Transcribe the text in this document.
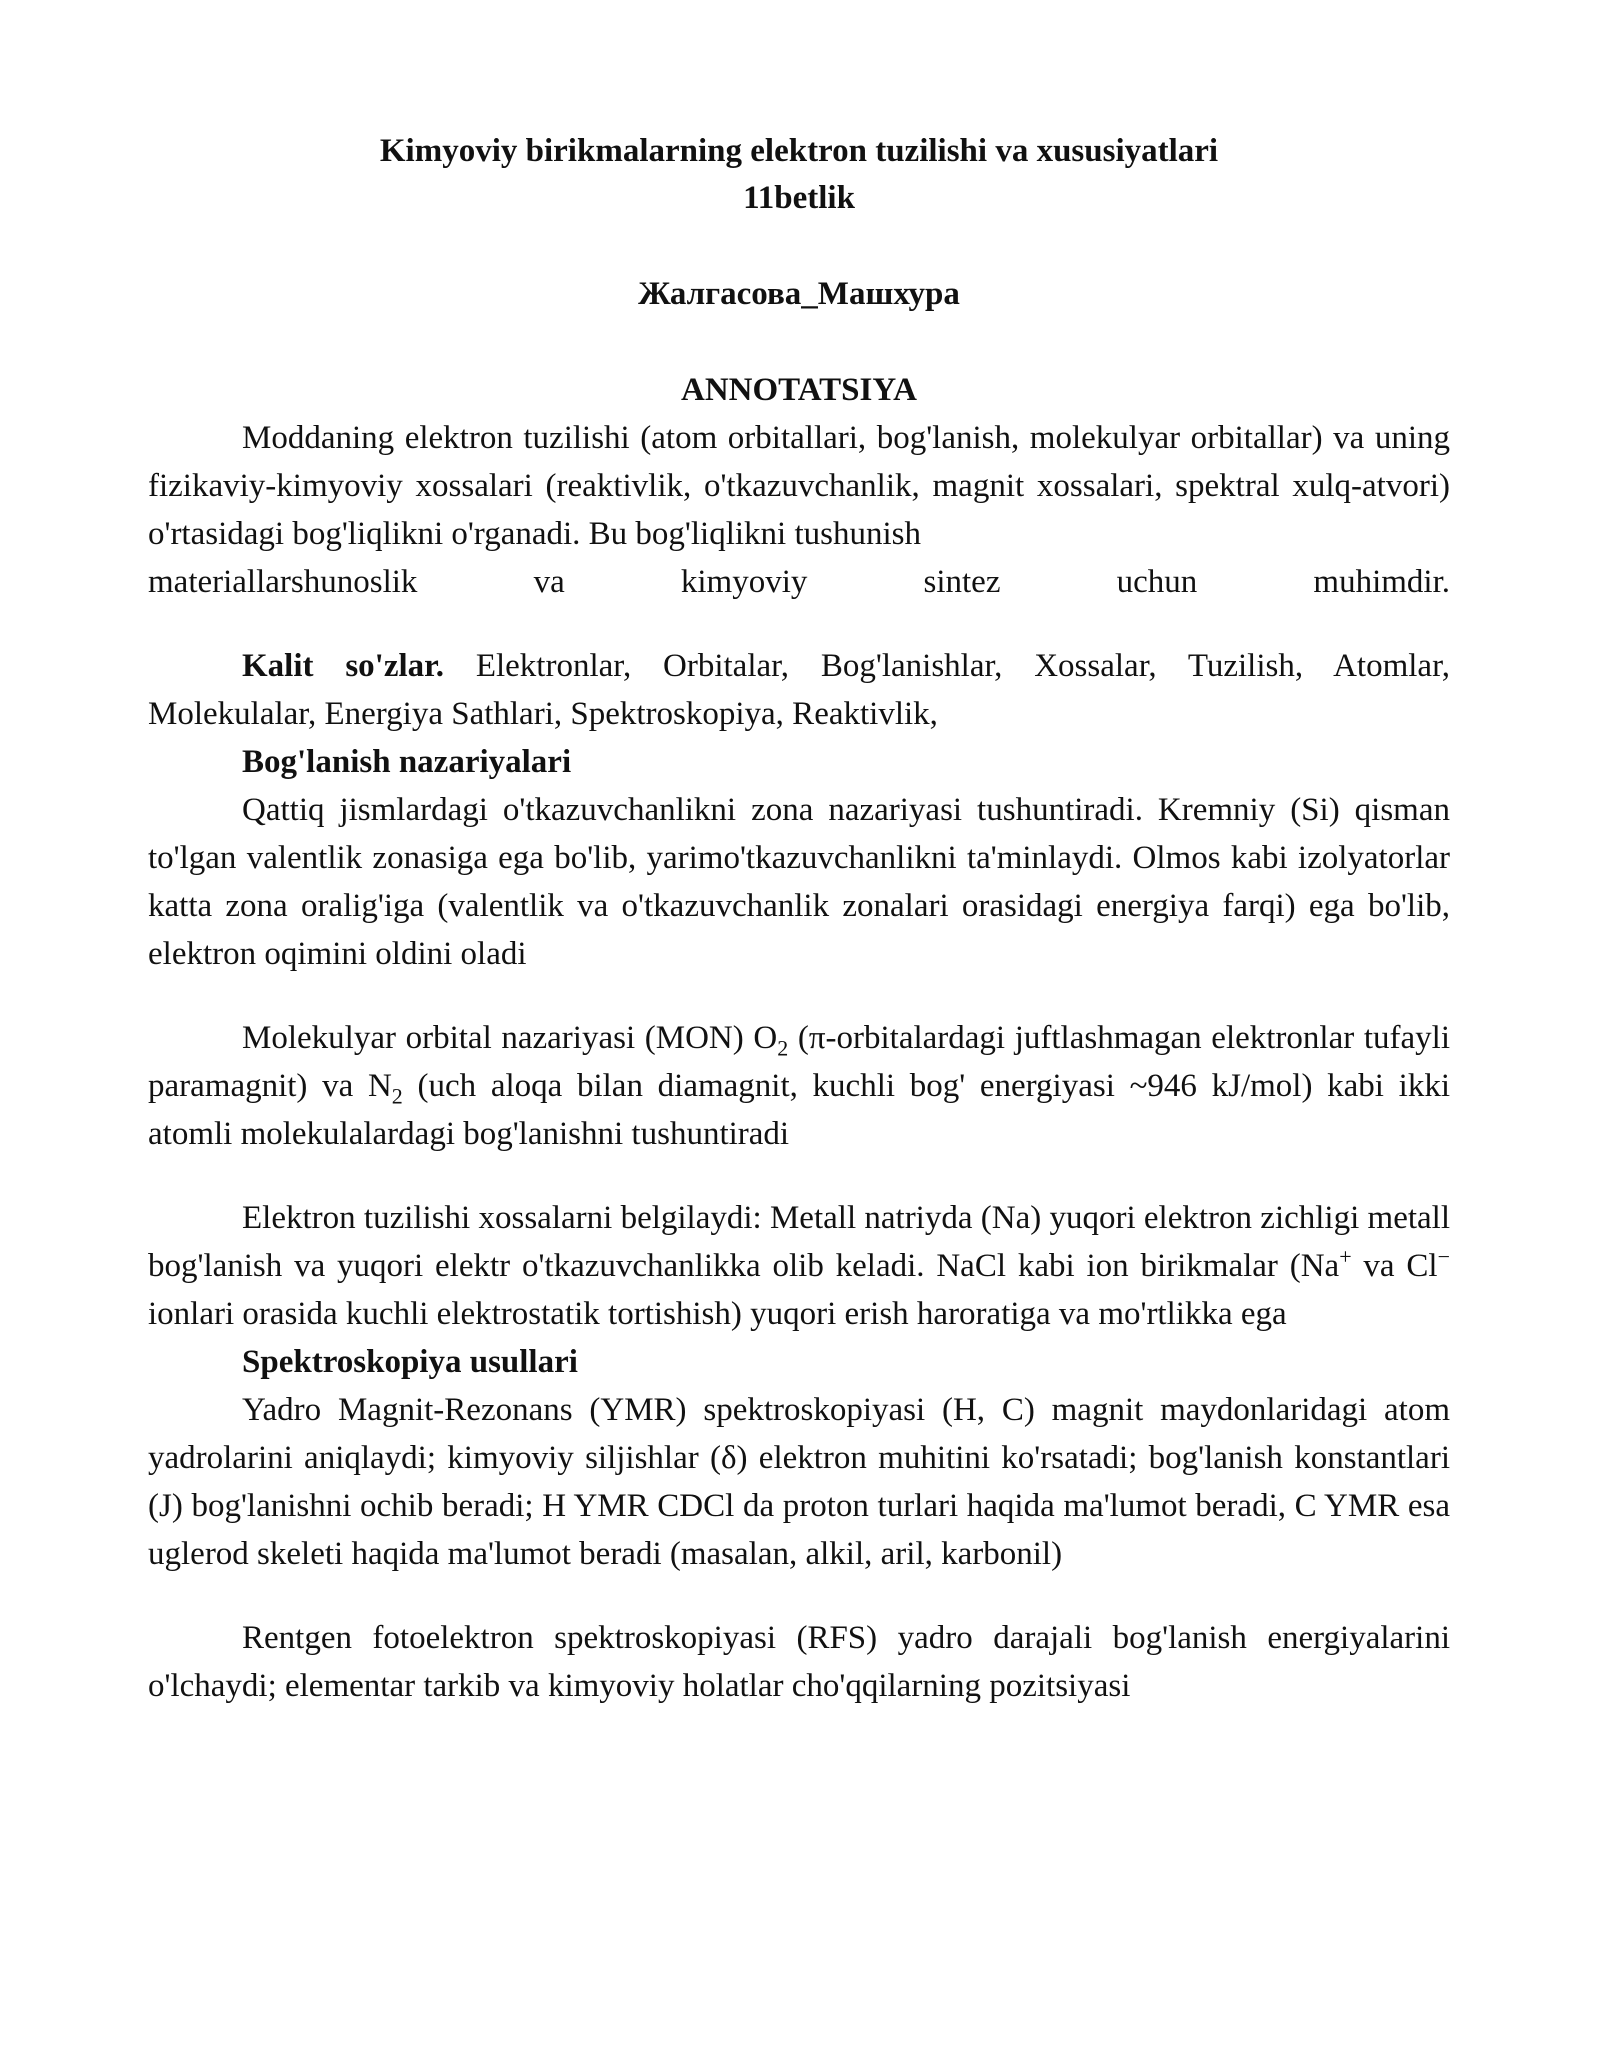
Kimyoviy birikmalarning elektron tuzilishi va xususiyatlari
11betlik
Жалгасова_Машхура
ANNOTATSIYA

Moddaning elektron tuzilishi (atom orbitallari, bog'lanish, molekulyar orbitallar) va uning fizikaviy-kimyoviy xossalari (reaktivlik, o'tkazuvchanlik, magnit xossalari, spektral xulq-atvori) o'rtasidagi bog'liqlikni o'rganadi. Bu bog'liqlikni tushunish

materiallarshunoslik va kimyoviy sintez uchun muhimdir.

Kalit so'zlar. Elektronlar, Orbitalar, Bog'lanishlar, Xossalar, Tuzilish, Atomlar, Molekulalar, Energiya Sathlari, Spektroskopiya, Reaktivlik,

Bog'lanish nazariyalari

Qattiq jismlardagi o'tkazuvchanlikni zona nazariyasi tushuntiradi. Kremniy (Si) qisman to'lgan valentlik zonasiga ega bo'lib, yarimo'tkazuvchanlikni ta'minlaydi. Olmos kabi izolyatorlar katta zona oralig'iga (valentlik va o'tkazuvchanlik zonalari orasidagi energiya farqi) ega bo'lib, elektron oqimini oldini oladi

Molekulyar orbital nazariyasi (MON) $O_2$ (π-orbitalardagi juftlashmagan elektronlar tufayli paramagnit) va $N_2$ (uch aloqa bilan diamagnit, kuchli bog' energiyasi ~946 kJ/mol) kabi ikki atomli molekulalardagi bog'lanishni tushuntiradi

Elektron tuzilishi xossalarni belgilaydi: Metall natriyda (Na) yuqori elektron zichligi metall bog'lanish va yuqori elektr o'tkazuvchanlikka olib keladi. NaCl kabi ion birikmalar (Na+ va Cl− ionlari orasida kuchli elektrostatik tortishish) yuqori erish haroratiga va mo'rtlikka ega

Spektroskopiya usullari

Yadro Magnit-Rezonans (YMR) spektroskopiyasi (H, C) magnit maydonlaridagi atom yadrolarini aniqlaydi; kimyoviy siljishlar (δ) elektron muhitini ko'rsatadi; bog'lanish konstantlari (J) bog'lanishni ochib beradi; H YMR CDCl da proton turlari haqida ma'lumot beradi, C YMR esa uglerod skeleti haqida ma'lumot beradi (masalan, alkil, aril, karbonil)

Rentgen fotoelektron spektroskopiyasi (RFS) yadro darajali bog'lanish energiyalarini o'lchaydi; elementar tarkib va kimyoviy holatlar cho'qqilarning pozitsiyasi
